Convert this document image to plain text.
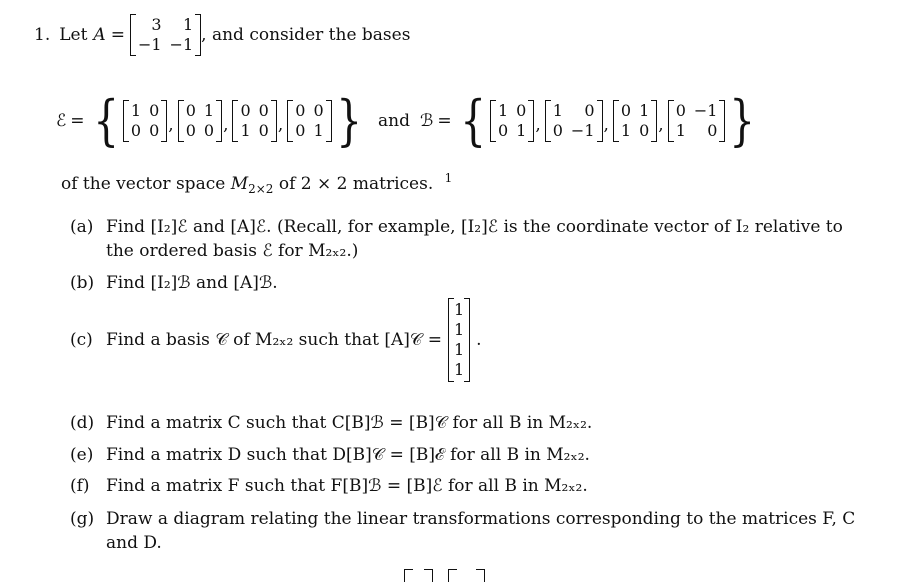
1. Let A =
3	1
−1 −1 , and consider the bases
ℰ = { 1 0
0 0 ,
0 1
0 0 ,
0 0
1 0 ,
0 0
0 1 } and ℬ = { 1 0
0 1 ,
1	0
0 −1 ,
0 1
1 0 ,
0 −1
1	0 }
of the vector space $M_{2\times 2}$ of 2 × 2 matrices. $^1$
(a) Find [I₂]ℰ and [A]ℰ. (Recall, for example, [I₂]ℰ is the coordinate vector of I₂ relative to
the ordered basis ℰ for M₂ₓ₂.)
(b) Find [I₂]ℬ and [A]ℬ.
(c) Find a basis 𝒞 of M₂ₓ₂ such that [A]𝒞 =
1
1
1
1
.
(d) Find a matrix C such that C[B]ℬ = [B]𝒞 for all B in M₂ₓ₂.
(e) Find a matrix D such that D[B]𝒞 = [B]ℰ for all B in M₂ₓ₂.
(f) Find a matrix F such that F[B]ℬ = [B]ℰ for all B in M₂ₓ₂.
(g) Draw a diagram relating the linear transformations corresponding to the matrices F, C
and D.
